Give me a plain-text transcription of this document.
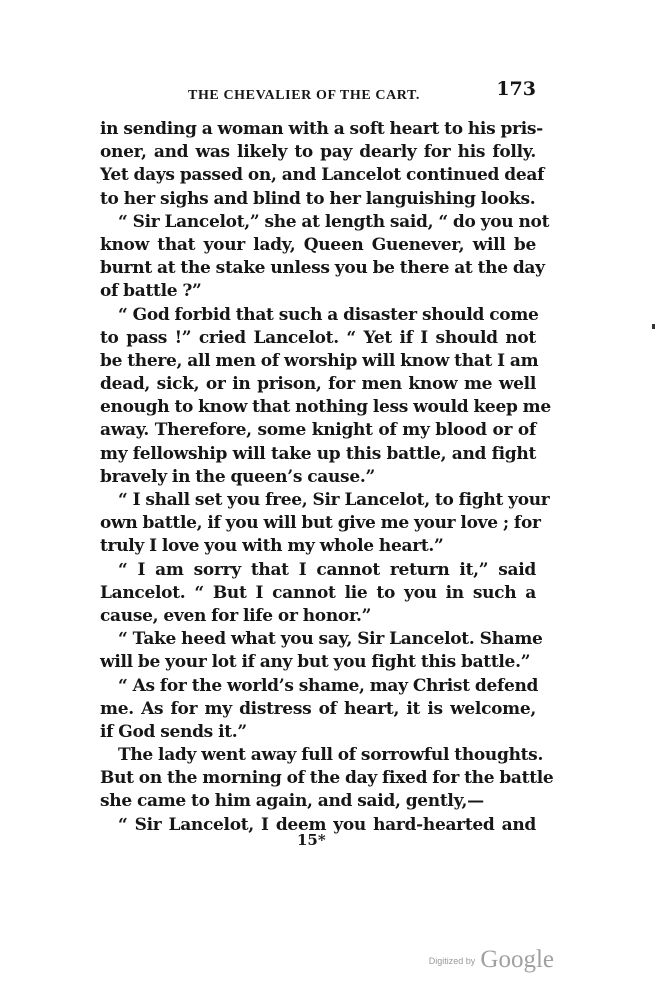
THE CHEVALIER OF THE CART.	173
in sending a woman with a soft heart to his pris-
oner, and was likely to pay dearly for his folly.
Yet days passed on, and Lancelot continued deaf
to her sighs and blind to her languishing looks.
“ Sir Lancelot,” she at length said, “ do you not
know that your lady, Queen Guenever, will be
burnt at the stake unless you be there at the day
of battle ?”
“ God forbid that such a disaster should come
to pass !” cried Lancelot. “ Yet if I should not
be there, all men of worship will know that I am
dead, sick, or in prison, for men know me well
enough to know that nothing less would keep me
away. Therefore, some knight of my blood or of
my fellowship will take up this battle, and fight
bravely in the queen’s cause.”
“ I shall set you free, Sir Lancelot, to fight your
own battle, if you will but give me your love ; for
truly I love you with my whole heart.”
“ I am sorry that I cannot return it,” said
Lancelot. “ But I cannot lie to you in such a
cause, even for life or honor.”
“ Take heed what you say, Sir Lancelot. Shame
will be your lot if any but you fight this battle.”
“ As for the world’s shame, may Christ defend
me. As for my distress of heart, it is welcome,
if God sends it.”
The lady went away full of sorrowful thoughts.
But on the morning of the day fixed for the battle
she came to him again, and said, gently,—
“ Sir Lancelot, I deem you hard-hearted and
15*
Digitized by Google
